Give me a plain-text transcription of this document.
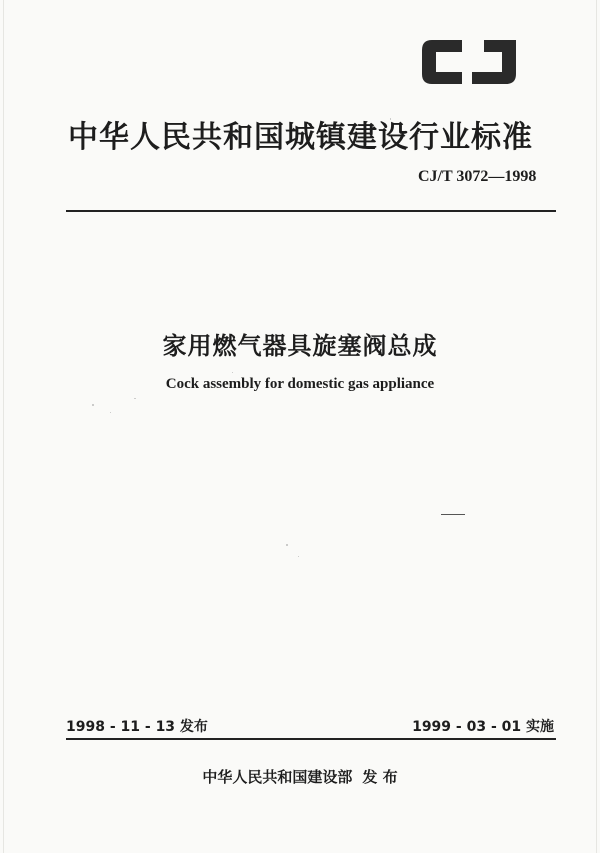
中华人民共和国城镇建设行业标准
CJ/T 3072—1998
家用燃气器具旋塞阀总成
Cock assembly for domestic gas appliance
1998 - 11 - 13 发布	1999 - 03 - 01 实施
中华人民共和国建设部 发 布
